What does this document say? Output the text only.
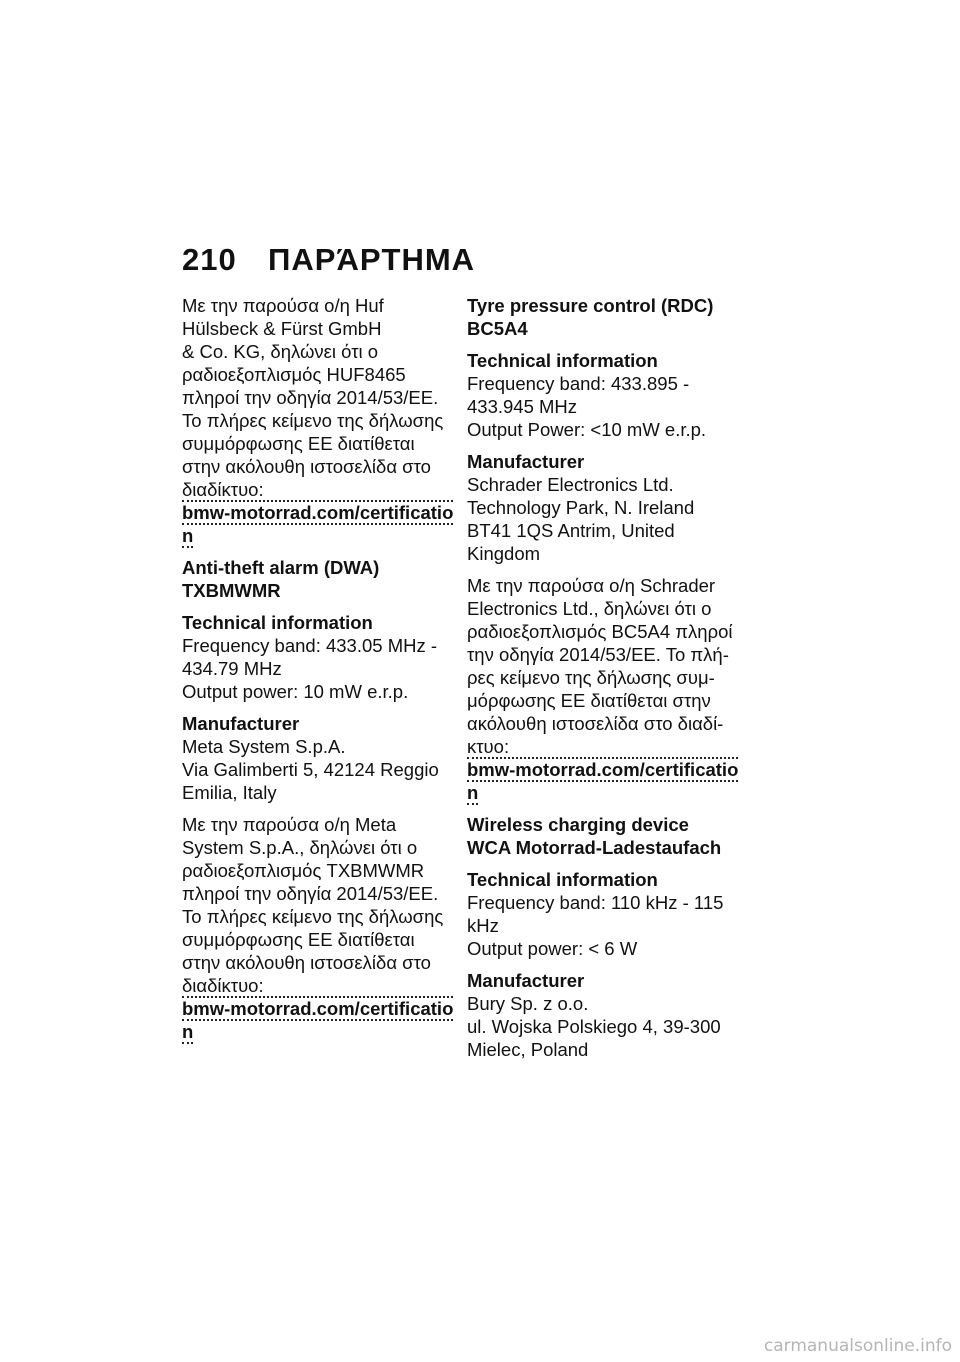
210 ΠΑΡΆΡΤΗΜΑ

Με την παρούσα ο/η Huf

Hülsbeck & Fürst GmbH

& Co. KG, δηλώνει ότι ο

ραδιοεξοπλισμός HUF8465

πληροί την οδηγία 2014/53/ΕΕ.

Το πλήρες κείμενο της δήλωσης

συμμόρφωσης ΕΕ διατίθεται

στην ακόλουθη ιστοσελίδα στο

διαδίκτυο:

bmw-motorrad.com/certification

Anti-theft alarm (DWA)

TXBMWMR

Technical information

Frequency band: 433.05 MHz -

434.79 MHz

Output power: 10 mW e.r.p.

Manufacturer

Meta System S.p.A.

Via Galimberti 5, 42124 Reggio

Emilia, Italy

Με την παρούσα ο/η Meta

System S.p.A., δηλώνει ότι ο

ραδιοεξοπλισμός TXBMWMR

πληροί την οδηγία 2014/53/ΕΕ.

Το πλήρες κείμενο της δήλωσης

συμμόρφωσης ΕΕ διατίθεται

στην ακόλουθη ιστοσελίδα στο

διαδίκτυο:

bmw-motorrad.com/certification

Tyre pressure control (RDC)

BC5A4

Technical information

Frequency band: 433.895 -

433.945 MHz

Output Power: <10 mW e.r.p.

Manufacturer

Schrader Electronics Ltd.

Technology Park, N. Ireland

BT41 1QS Antrim, United

Kingdom

Με την παρούσα ο/η Schrader

Electronics Ltd., δηλώνει ότι ο

ραδιοεξοπλισμός BC5A4 πληροί

την οδηγία 2014/53/ΕΕ. Το πλή-

ρες κείμενο της δήλωσης συμ-

μόρφωσης ΕΕ διατίθεται στην

ακόλουθη ιστοσελίδα στο διαδί-

κτυο:

bmw-motorrad.com/certification

Wireless charging device

WCA Motorrad-Ladestaufach

Technical information

Frequency band: 110 kHz - 115

kHz

Output power: < 6 W

Manufacturer

Bury Sp. z o.o.

ul. Wojska Polskiego 4, 39-300

Mielec, Poland

carmanualsonline.info
